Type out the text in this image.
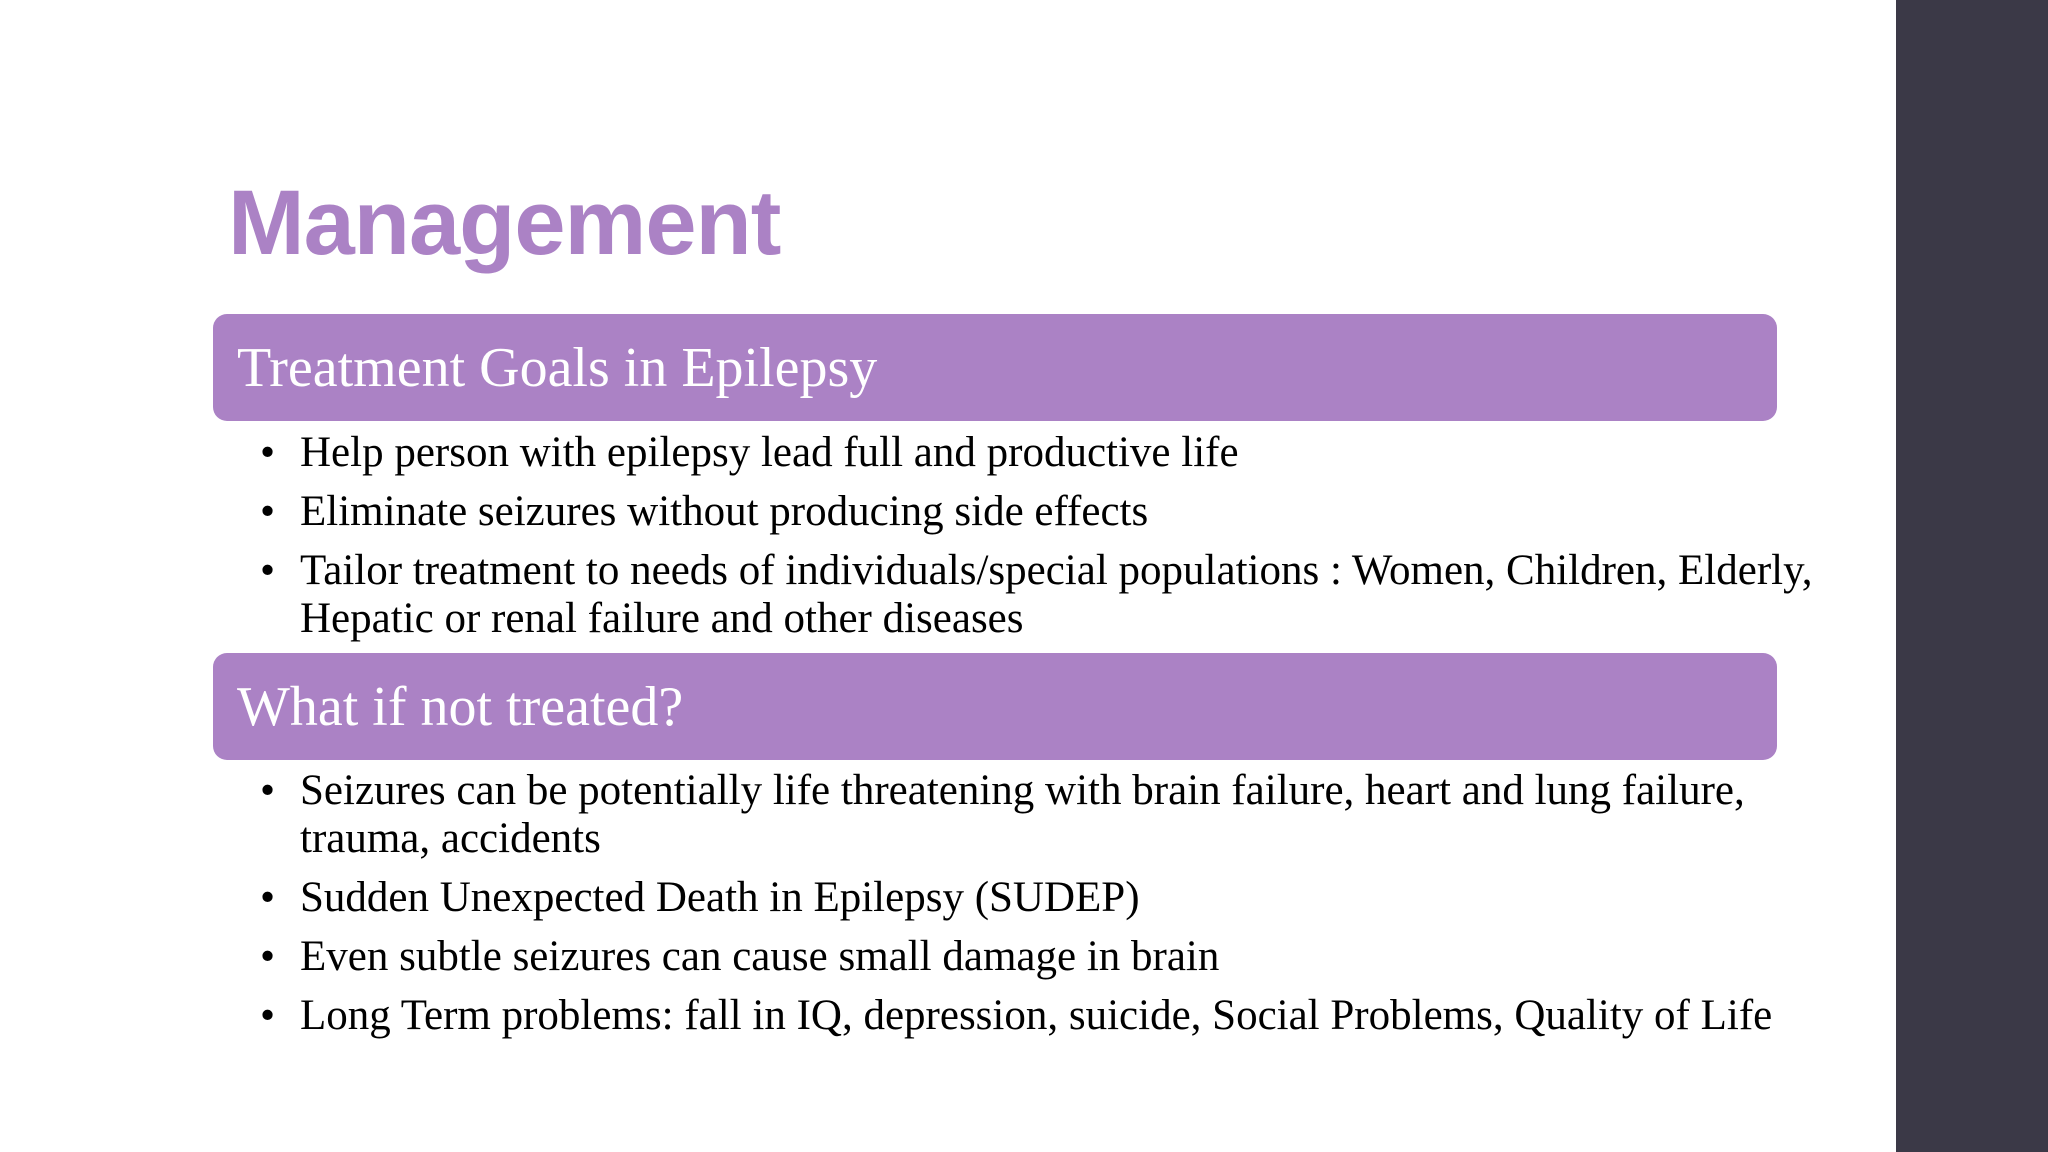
Management
Treatment Goals in Epilepsy
• Help person with epilepsy lead full and productive life
• Eliminate seizures without producing side effects
• Tailor treatment to needs of individuals/special populations : Women, Children, Elderly, Hepatic or renal failure and other diseases
What if not treated?
• Seizures can be potentially life threatening with brain failure, heart and lung failure, trauma, accidents
• Sudden Unexpected Death in Epilepsy (SUDEP)
• Even subtle seizures can cause small damage in brain
• Long Term problems: fall in IQ, depression, suicide, Social Problems, Quality of Life
